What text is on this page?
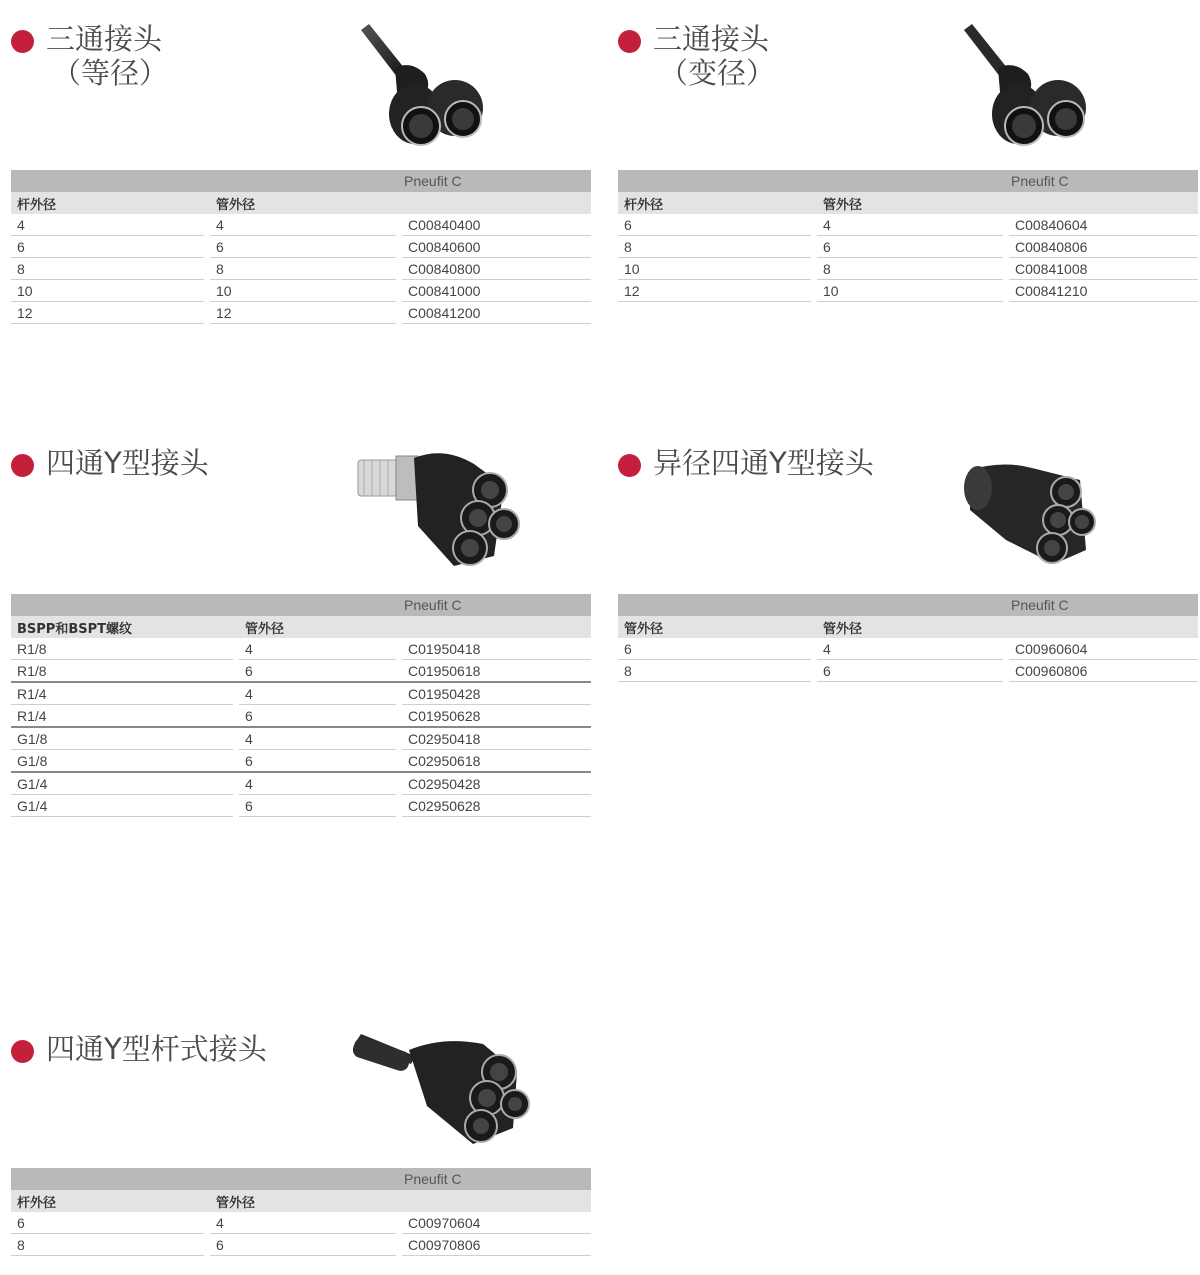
三通接头
（等径）
Pneufit C				
杆外径		管外径		
4		4		C00840400
6		6		C00840600
8		8		C00840800
10		10		C00841000
12		12		C00841200
三通接头
（变径）
Pneufit C				
杆外径		管外径		
6		4		C00840604
8		6		C00840806
10		8		C00841008
12		10		C00841210
四通Y型接头
Pneufit C				
BSPP和BSPT螺纹		管外径		
R1/8		4		C01950418
R1/8		6		C01950618
R1/4		4		C01950428
R1/4		6		C01950628
G1/8		4		C02950418
G1/8		6		C02950618
G1/4		4		C02950428
G1/4		6		C02950628
异径四通Y型接头
Pneufit C				
管外径		管外径		
6		4		C00960604
8		6		C00960806
四通Y型杆式接头
Pneufit C				
杆外径		管外径		
6		4		C00970604
8		6		C00970806
